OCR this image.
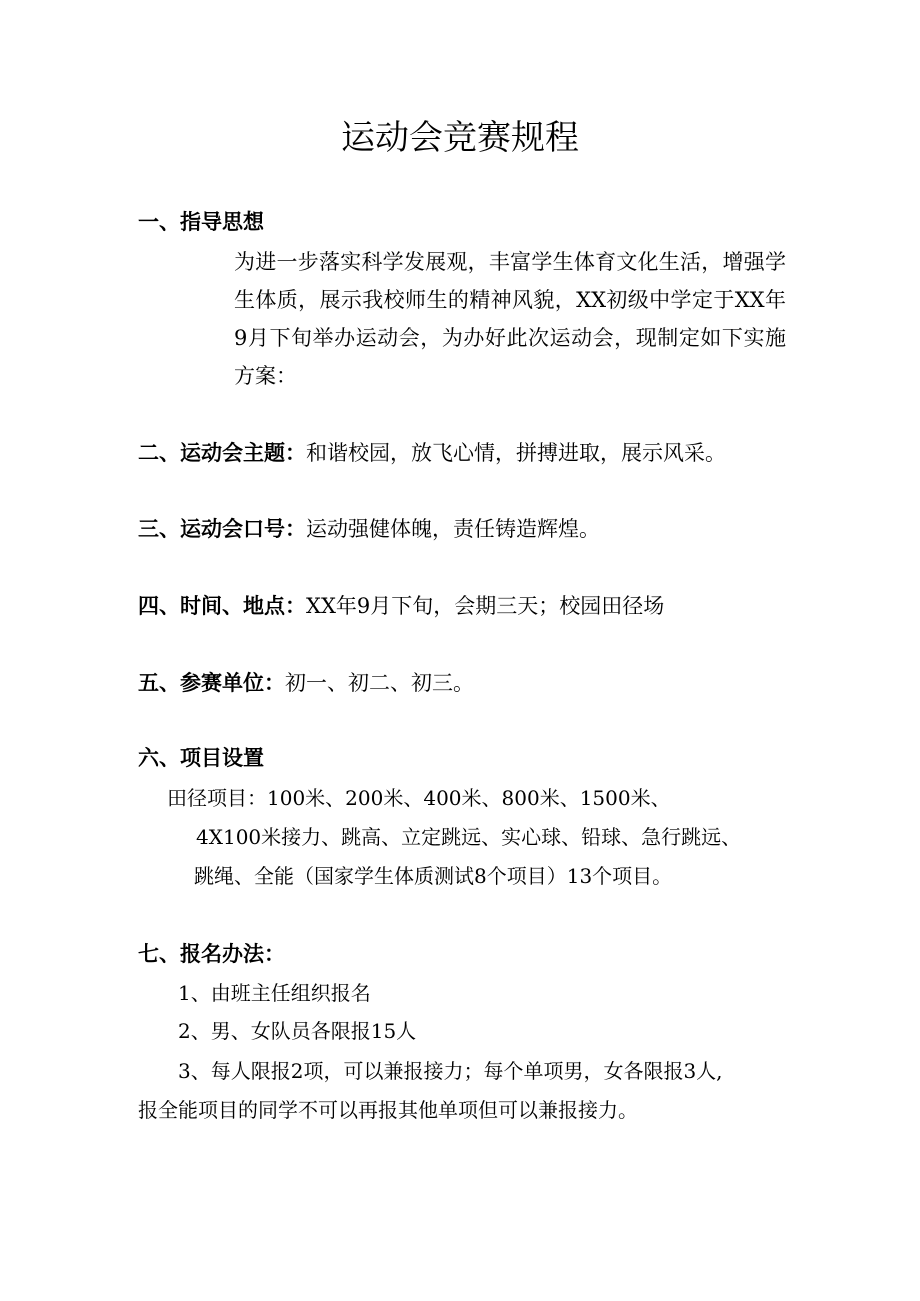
运动会竞赛规程
一、指导思想
为进一步落实科学发展观，丰富学生体育文化生活，增强学生体质，展示我校师生的精神风貌，XX初级中学定于XX年9月下旬举办运动会，为办好此次运动会，现制定如下实施方案：
二、运动会主题：和谐校园，放飞心情，拼搏进取，展示风采。
三、运动会口号：运动强健体魄，责任铸造辉煌。
四、时间、地点：XX年9月下旬，会期三天；校园田径场
五、参赛单位：初一、初二、初三。
六、项目设置
田径项目：100米、200米、400米、800米、1500米、
4X100米接力、跳高、立定跳远、实心球、铅球、急行跳远、
跳绳、全能（国家学生体质测试8个项目）13个项目。
七、报名办法：
1、由班主任组织报名
2、男、女队员各限报15人
3、每人限报2项，可以兼报接力；每个单项男，女各限报3人,
报全能项目的同学不可以再报其他单项但可以兼报接力。
